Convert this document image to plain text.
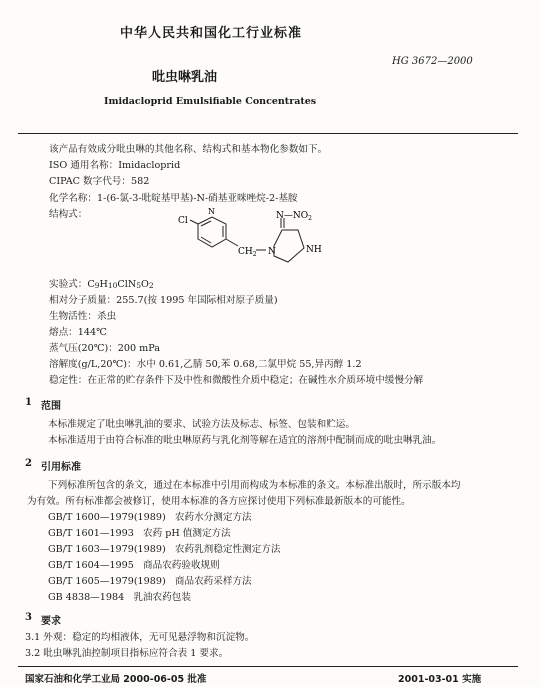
中华人民共和国化工行业标准
HG 3672—2000
吡虫啉乳油
Imidacloprid Emulsifiable Concentrates
该产品有效成分吡虫啉的其他名称、结构式和基本物化参数如下。
ISO 通用名称：Imidacloprid
CIPAC 数字代号：582
化学名称：1-(6-氯-3-吡啶基甲基)-N-硝基亚咪唑烷-2-基胺
结构式：
Cl
N	$N—NO_2$
$CH_2$ N	NH
实验式：C9H10ClN5O2
相对分子质量：255.7(按 1995 年国际相对原子质量)
生物活性：杀虫
熔点：144℃
蒸气压(20℃)：200 mPa
溶解度(g/L,20℃)：水中 0.61,乙腈 50,苯 0.68,二氯甲烷 55,异丙醇 1.2
稳定性：在正常的贮存条件下及中性和微酸性介质中稳定；在碱性水介质环境中缓慢分解
1 范围
本标准规定了吡虫啉乳油的要求、试验方法及标志、标签、包装和贮运。
本标准适用于由符合标准的吡虫啉原药与乳化剂等解在适宜的溶剂中配制而成的吡虫啉乳油。
2 引用标准
下列标准所包含的条文，通过在本标准中引用而构成为本标准的条文。本标准出版时，所示版本均
为有效。所有标准都会被修订，使用本标准的各方应探讨使用下列标准最新版本的可能性。
GB/T 1600—1979(1989) 农药水分测定方法
GB/T 1601—1993 农药 pH 值测定方法
GB/T 1603—1979(1989) 农药乳剂稳定性测定方法
GB/T 1604—1995 商品农药验收规则
GB/T 1605—1979(1989) 商品农药采样方法
GB 4838—1984 乳油农药包装
3 要求
3.1 外观：稳定的均相液体，无可见悬浮物和沉淀物。
3.2 吡虫啉乳油控制项目指标应符合表 1 要求。
国家石油和化学工业局 2000-06-05 批准	2001-03-01 实施
